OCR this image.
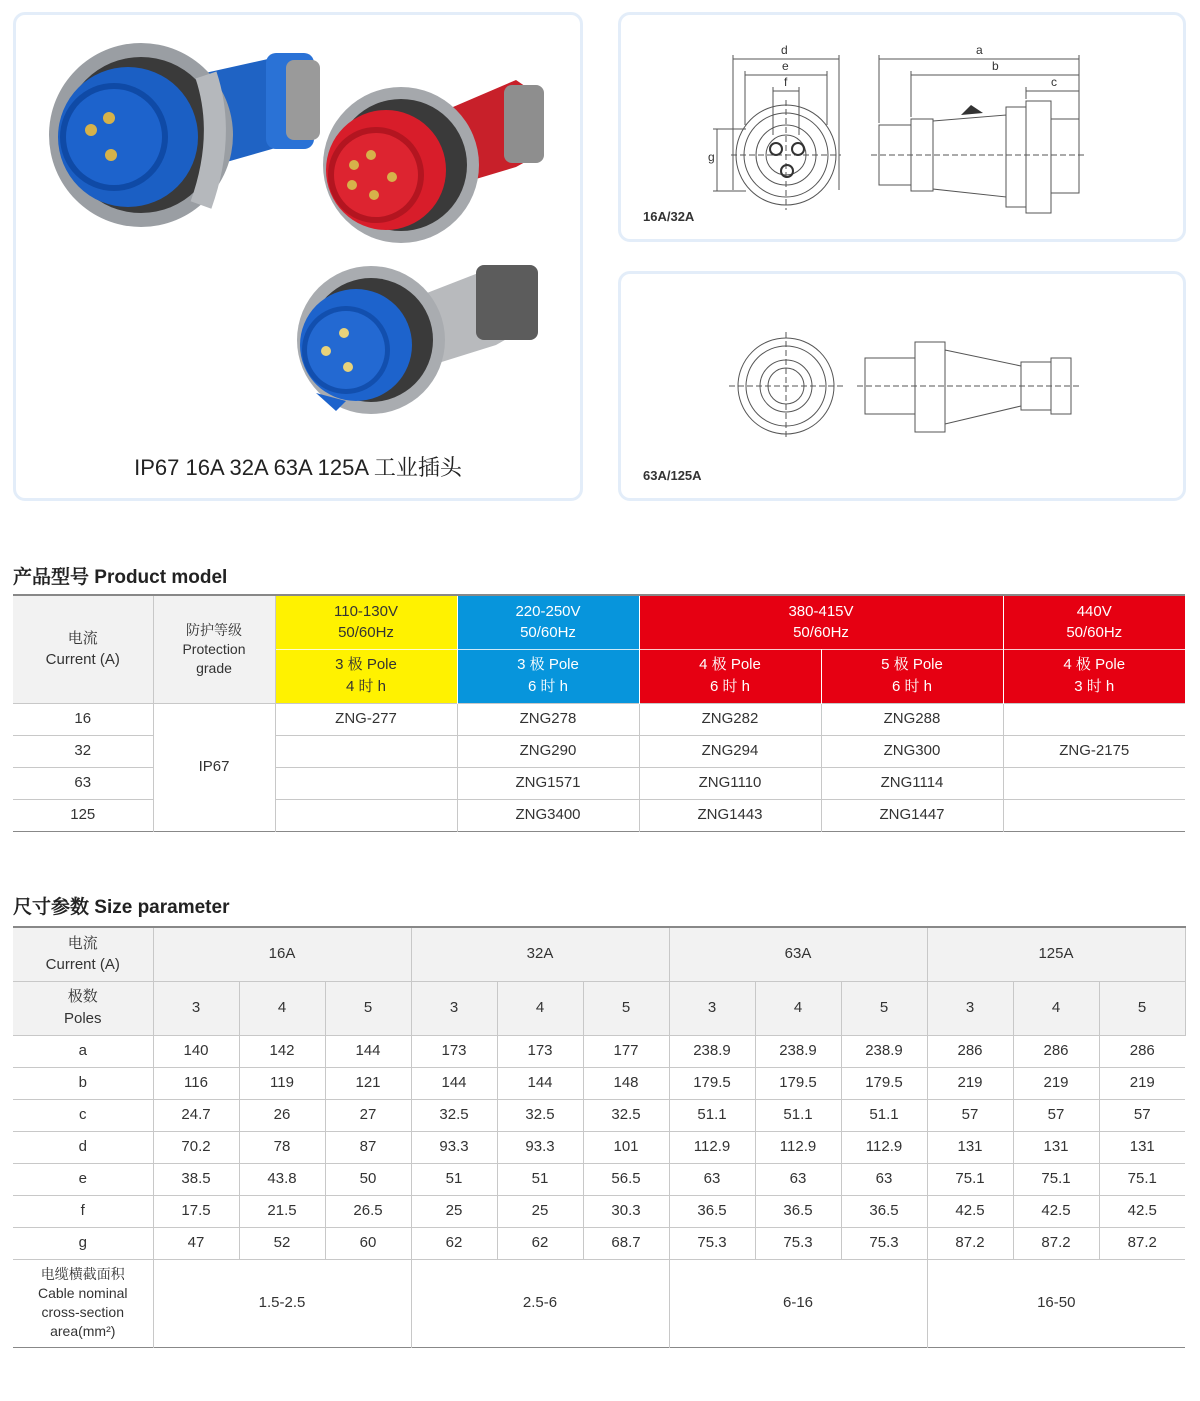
IP67 16A 32A 63A 125A 工业插头
d
e
f
g
a
b
c
16A/32A
63A/125A
产品型号 Product model
电流
Current (A)	防护等级
Protection
grade	110-130V
50/60Hz	220-250V
50/60Hz	380-415V
50/60Hz		440V
50/60Hz
		3 极 Pole
4 时 h	3 极 Pole
6 时 h	4 极 Pole
6 时 h	5 极 Pole
6 时 h	4 极 Pole
3 时 h
16	IP67	ZNG-277	ZNG278	ZNG282	ZNG288	
32			ZNG290	ZNG294	ZNG300	ZNG-2175
63			ZNG1571	ZNG1110	ZNG1114	
125			ZNG3400	ZNG1443	ZNG1447	
尺寸参数 Size parameter
电流
Current (A)	16A			32A			63A			125A		
极数
Poles	3	4	5	3	4	5	3	4	5	3	4	5
a	140	142	144	173	173	177	238.9	238.9	238.9	286	286	286
b	116	119	121	144	144	148	179.5	179.5	179.5	219	219	219
c	24.7	26	27	32.5	32.5	32.5	51.1	51.1	51.1	57	57	57
d	70.2	78	87	93.3	93.3	101	112.9	112.9	112.9	131	131	131
e	38.5	43.8	50	51	51	56.5	63	63	63	75.1	75.1	75.1
f	17.5	21.5	26.5	25	25	30.3	36.5	36.5	36.5	42.5	42.5	42.5
g	47	52	60	62	62	68.7	75.3	75.3	75.3	87.2	87.2	87.2
电缆横截面积
Cable nominal
cross-section
area(mm²)	1.5-2.5			2.5-6			6-16			16-50		
